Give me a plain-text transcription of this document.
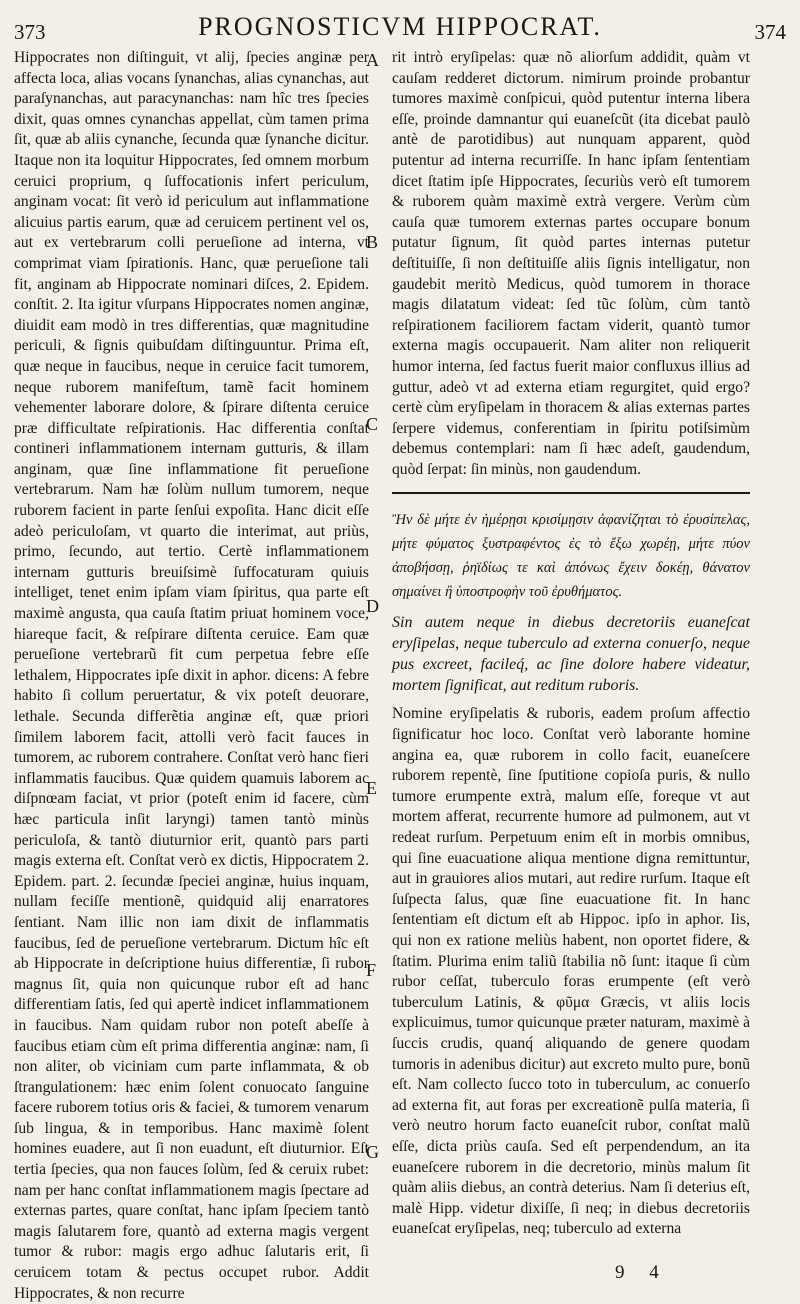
373	PROGNOSTICVM HIPPOCRAT.	374

Hippocrates non diſtinguit, vt alij, ſpecies anginæ per affecta loca, alias vocans ſynanchas, alias cynanchas, aut paraſynanchas, aut paracynanchas: nam hîc tres ſpecies dixit, quas omnes cynanchas appellat, cùm tamen prima ſit, quæ ab aliis cynanche, ſecunda quæ ſynanche dicitur. Itaque non ita loquitur Hippocrates, ſed omnem morbum ceruici proprium, q ſuffocationis infert periculum, anginam vocat: ſit verò id periculum aut inflammatione alicuius partis earum, quæ ad ceruicem pertinent vel os, aut ex vertebrarum colli perueſione ad interna, vt comprimat viam ſpirationis. Hanc, quæ perueſione tali fit, anginam ab Hippocrate nominari diſces, 2. Epidem. conſtit. 2. Ita igitur vſurpans Hippocrates nomen anginæ, diuidit eam modò in tres differentias, quæ magnitudine periculi, & ſignis quibuſdam diſtinguuntur. Prima eſt, quæ neque in faucibus, neque in ceruice facit tumorem, neque ruborem manifeſtum, tamẽ facit hominem vehementer laborare dolore, & ſpirare diſtenta ceruice præ difficultate reſpirationis. Hac differentia conſtat contineri inflammationem internam gutturis, & illam anginam, quæ ſine inflammatione fit perueſione vertebrarum. Nam hæ ſolùm nullum tumorem, neque ruborem facient in parte ſenſui expoſita. Hanc dicit eſſe adeò periculoſam, vt quarto die interimat, aut priùs, primo, ſecundo, aut tertio. Certè inflammationem internam gutturis breuiſsimè ſuffocaturam quiuis intelliget, tenet enim ipſam viam ſpiritus, qua parte eſt maximè angusta, qua cauſa ſtatim priuat hominem voce, hiareque facit, & reſpirare diſtenta ceruice. Eam quæ perueſione vertebrarũ fit cum perpetua febre eſſe lethalem, Hippocrates ipſe dixit in aphor. dicens: A febre habito ſi collum peruertatur, & vix poteſt deuorare, lethale. Secunda differẽtia anginæ eſt, quæ priori ſimilem laborem facit, attolli verò facit fauces in tumorem, ac ruborem contrahere. Conſtat verò hanc fieri inflammatis faucibus. Quæ quidem quamuis laborem ac diſpnœam faciat, vt prior (poteſt enim id facere, cùm hæc particula inſit laryngi) tamen tantò minùs periculoſa, & tantò diuturnior erit, quantò pars parti magis externa eſt. Conſtat verò ex dictis, Hippocratem 2. Epidem. part. 2. ſecundæ ſpeciei anginæ, huius inquam, nullam feciſſe mentionẽ, quidquid alij enarratores ſentiant. Nam illic non iam dixit de inflammatis faucibus, ſed de perueſione vertebrarum. Dictum hîc eſt ab Hippocrate in deſcriptione huius differentiæ, ſi rubor magnus ſit, quia non quicunque rubor eſt ad hanc differentiam ſatis, ſed qui apertè indicet inflammationem in faucibus. Nam quidam rubor non poteſt abeſſe à faucibus etiam cùm eſt prima differentia anginæ: nam, ſi non aliter, ob viciniam cum parte inflammata, & ob ſtrangulationem: hæc enim ſolent conuocato ſanguine facere ruborem totius oris & faciei, & tumorem venarum ſub lingua, & in temporibus. Hanc maximè ſolent homines euadere, aut ſi non euadunt, eſt diuturnior. Eſt tertia ſpecies, qua non fauces ſolùm, ſed & ceruix rubet: nam per hanc conſtat inflammationem magis ſpectare ad externas partes, quare conſtat, hanc ipſam ſpeciem tantò magis ſalutarem fore, quantò ad externa magis vergent tumor & rubor: magis ergo adhuc ſalutaris erit, ſi ceruicem totam & pectus occupet rubor. Addit Hippocrates, & non recurre

A
B
C
D
E
F
G

rit intrò eryſipelas: quæ nõ aliorſum addidit, quàm vt cauſam redderet dictorum. nimirum proinde probantur tumores maximè conſpicui, quòd putentur interna libera eſſe, proinde damnantur qui euaneſcũt (ita dicebat paulò antè de parotidibus) aut nunquam apparent, quòd putentur ad interna recurriſſe. In hanc ipſam ſententiam dicet ſtatim ipſe Hippocrates, ſecuriùs verò eſt tumorem & ruborem quàm maximè extrà vergere. Verùm cùm cauſa quæ tumorem externas partes occupare bonum putatur ſignum, ſit quòd partes internas putetur deſtituiſſe, ſi non deſtituiſſe aliis ſignis intelligatur, non gaudebit meritò Medicus, quòd tumorem in thorace magis dilatatum videat: ſed tũc ſolùm, cùm tantò reſpirationem faciliorem factam viderit, quantò tumor externa magis occupauerit. Nam aliter non reliquerit humor interna, ſed factus fuerit maior confluxus illius ad guttur, adeò vt ad externa etiam regurgitet, quid ergo? certè cùm eryſipelam in thoracem & alias externas partes ſerpere videmus, conferentiam in ſpiritu potiſsimùm debemus contemplari: nam ſi hæc adeſt, gaudendum, quòd ſerpat: ſin minùs, non gaudendum.

Ἢν δὲ μήτε ἐν ἡμέρῃσι κρισίμῃσιν ἀφανίζηται τὸ ἐρυσίπελας, μήτε φύματος ξυστραφέντος ἐς τὸ ἔξω χωρέῃ, μήτε πύον ἀποβήσσῃ, ῥηϊδίως τε καὶ ἀπόνως ἔχειν δοκέῃ, θάνατον σημαίνει ἢ ὑποστροφὴν τοῦ ἐρυθήματος.

Sin autem neque in diebus decretoriis euaneſcat eryſipelas, neque tuberculo ad externa conuerſo, neque pus excreet, facileq́, ac ſine dolore habere videatur, mortem ſignificat, aut reditum ruboris.

Nomine eryſipelatis & ruboris, eadem proſum affectio ſignificatur hoc loco. Conſtat verò laborante homine angina ea, quæ ruborem in collo facit, euaneſcere ruborem repentè, ſine ſputitione copioſa puris, & nullo tumore erumpente extrà, malum eſſe, foreque vt aut mortem afferat, recurrente humore ad pulmonem, aut vt redeat rurſum. Perpetuum enim eſt in morbis omnibus, qui ſine euacuatione aliqua mentione digna remittuntur, aut in grauiores alios mutari, aut redire rurſum. Itaque eſt ſuſpecta ſalus, quæ ſine euacuatione fit. In hanc ſententiam eſt dictum eſt ab Hippoc. ipſo in aphor. Iis, qui non ex ratione meliùs habent, non oportet fidere, & ſtatim. Plurima enim taliũ ſtabilia nõ ſunt: itaque ſi cùm rubor ceſſat, tuberculo foras erumpente (eſt verò tuberculum Latinis, & φῦμα Græcis, vt aliis locis explicuimus, tumor quicunque præter naturam, maximè à ſuccis crudis, quanq́ aliquando de genere quodam tumoris in adenibus dicitur) aut excreto multo pure, bonũ eſt. Nam collecto ſucco toto in tuberculum, ac conuerſo ad externa fit, aut foras per excreationẽ pulſa materia, ſi verò neutro horum facto euaneſcit rubor, conſtat malũ eſſe, dicta priùs cauſa. Sed eſt perpendendum, an ita euaneſcere ruborem in die decretorio, minùs malum ſit quàm aliis diebus, an contrà deterius. Nam ſi deterius eſt, malè Hipp. videtur dixiſſe, ſi neq; in diebus decretoriis euaneſcat eryſipelas, neq; tuberculo ad externa

9 4
